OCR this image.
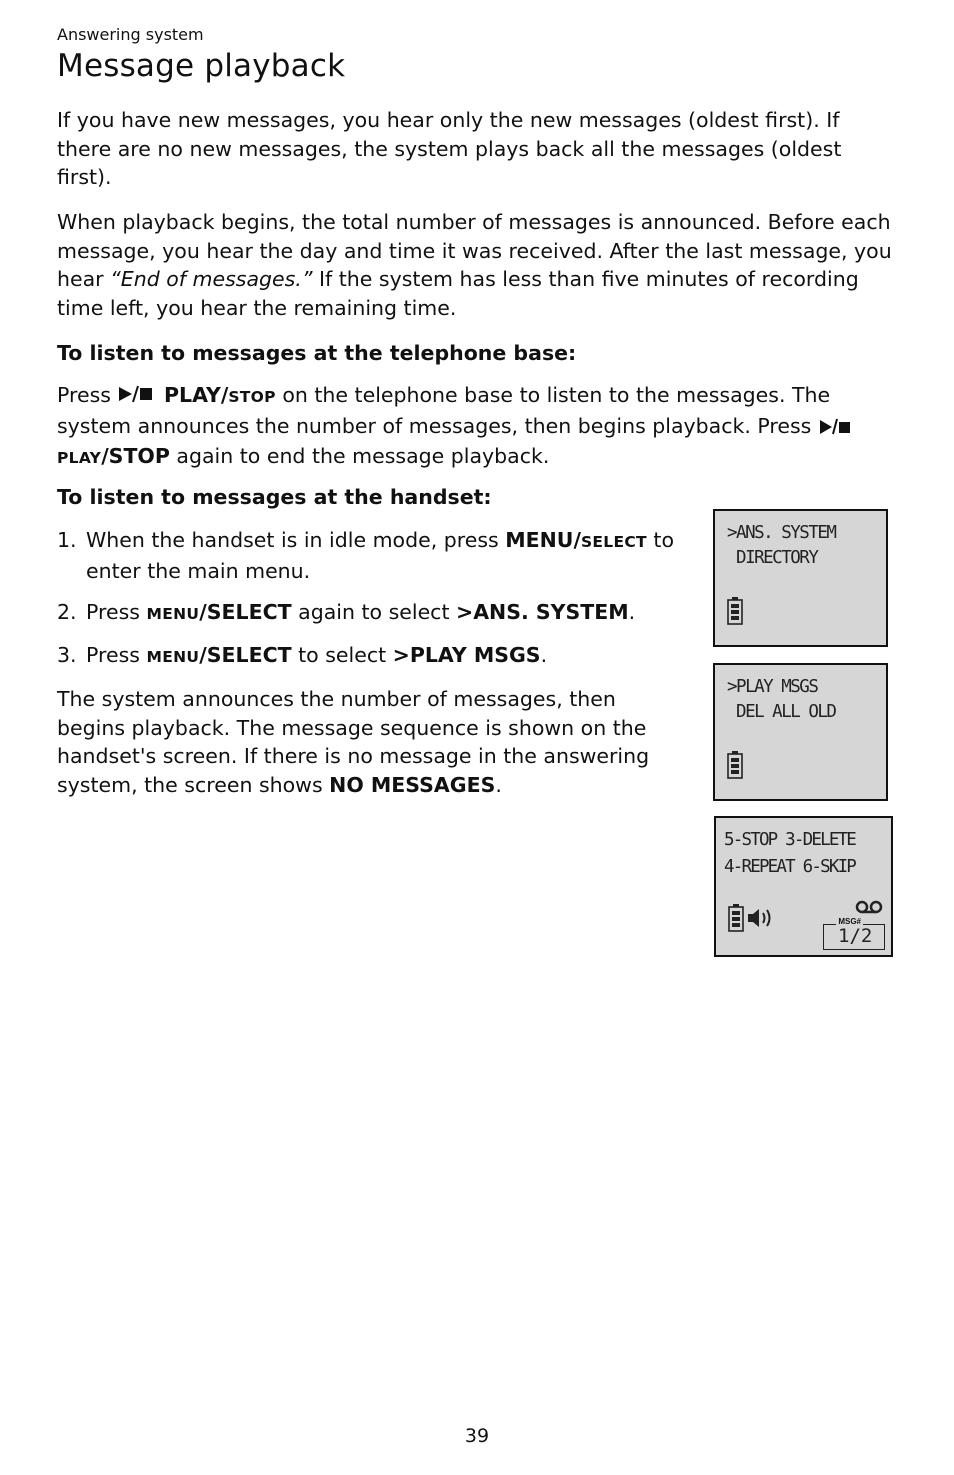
Answering system
Message playback

If you have new messages, you hear only the new messages (oldest first). If there are no new messages, the system plays back all the messages (oldest first).

When playback begins, the total number of messages is announced. Before each message, you hear the day and time it was received. After the last message, you hear “End of messages.” If the system has less than five minutes of recording time left, you hear the remaining time.

To listen to messages at the telephone base:

Press  PLAY/STOP on the telephone base to listen to the messages. The system announces the number of messages, then begins playback. Press PLAY/STOP again to end the message playback.

To listen to messages at the handset:

1. When the handset is in idle mode, press MENU/SELECT to enter the main menu.
2. Press MENU/SELECT again to select >ANS. SYSTEM.
3. Press MENU/SELECT to select >PLAY MSGS.

The system announces the number of messages, then begins playback. The message sequence is shown on the handset's screen. If there is no message in the answering system, the screen shows NO MESSAGES.

>ANS. SYSTEM
DIRECTORY
>PLAY MSGS
DEL ALL OLD
5-STOP 3-DELETE
4-REPEAT 6-SKIP
MSG#
1/2
39
